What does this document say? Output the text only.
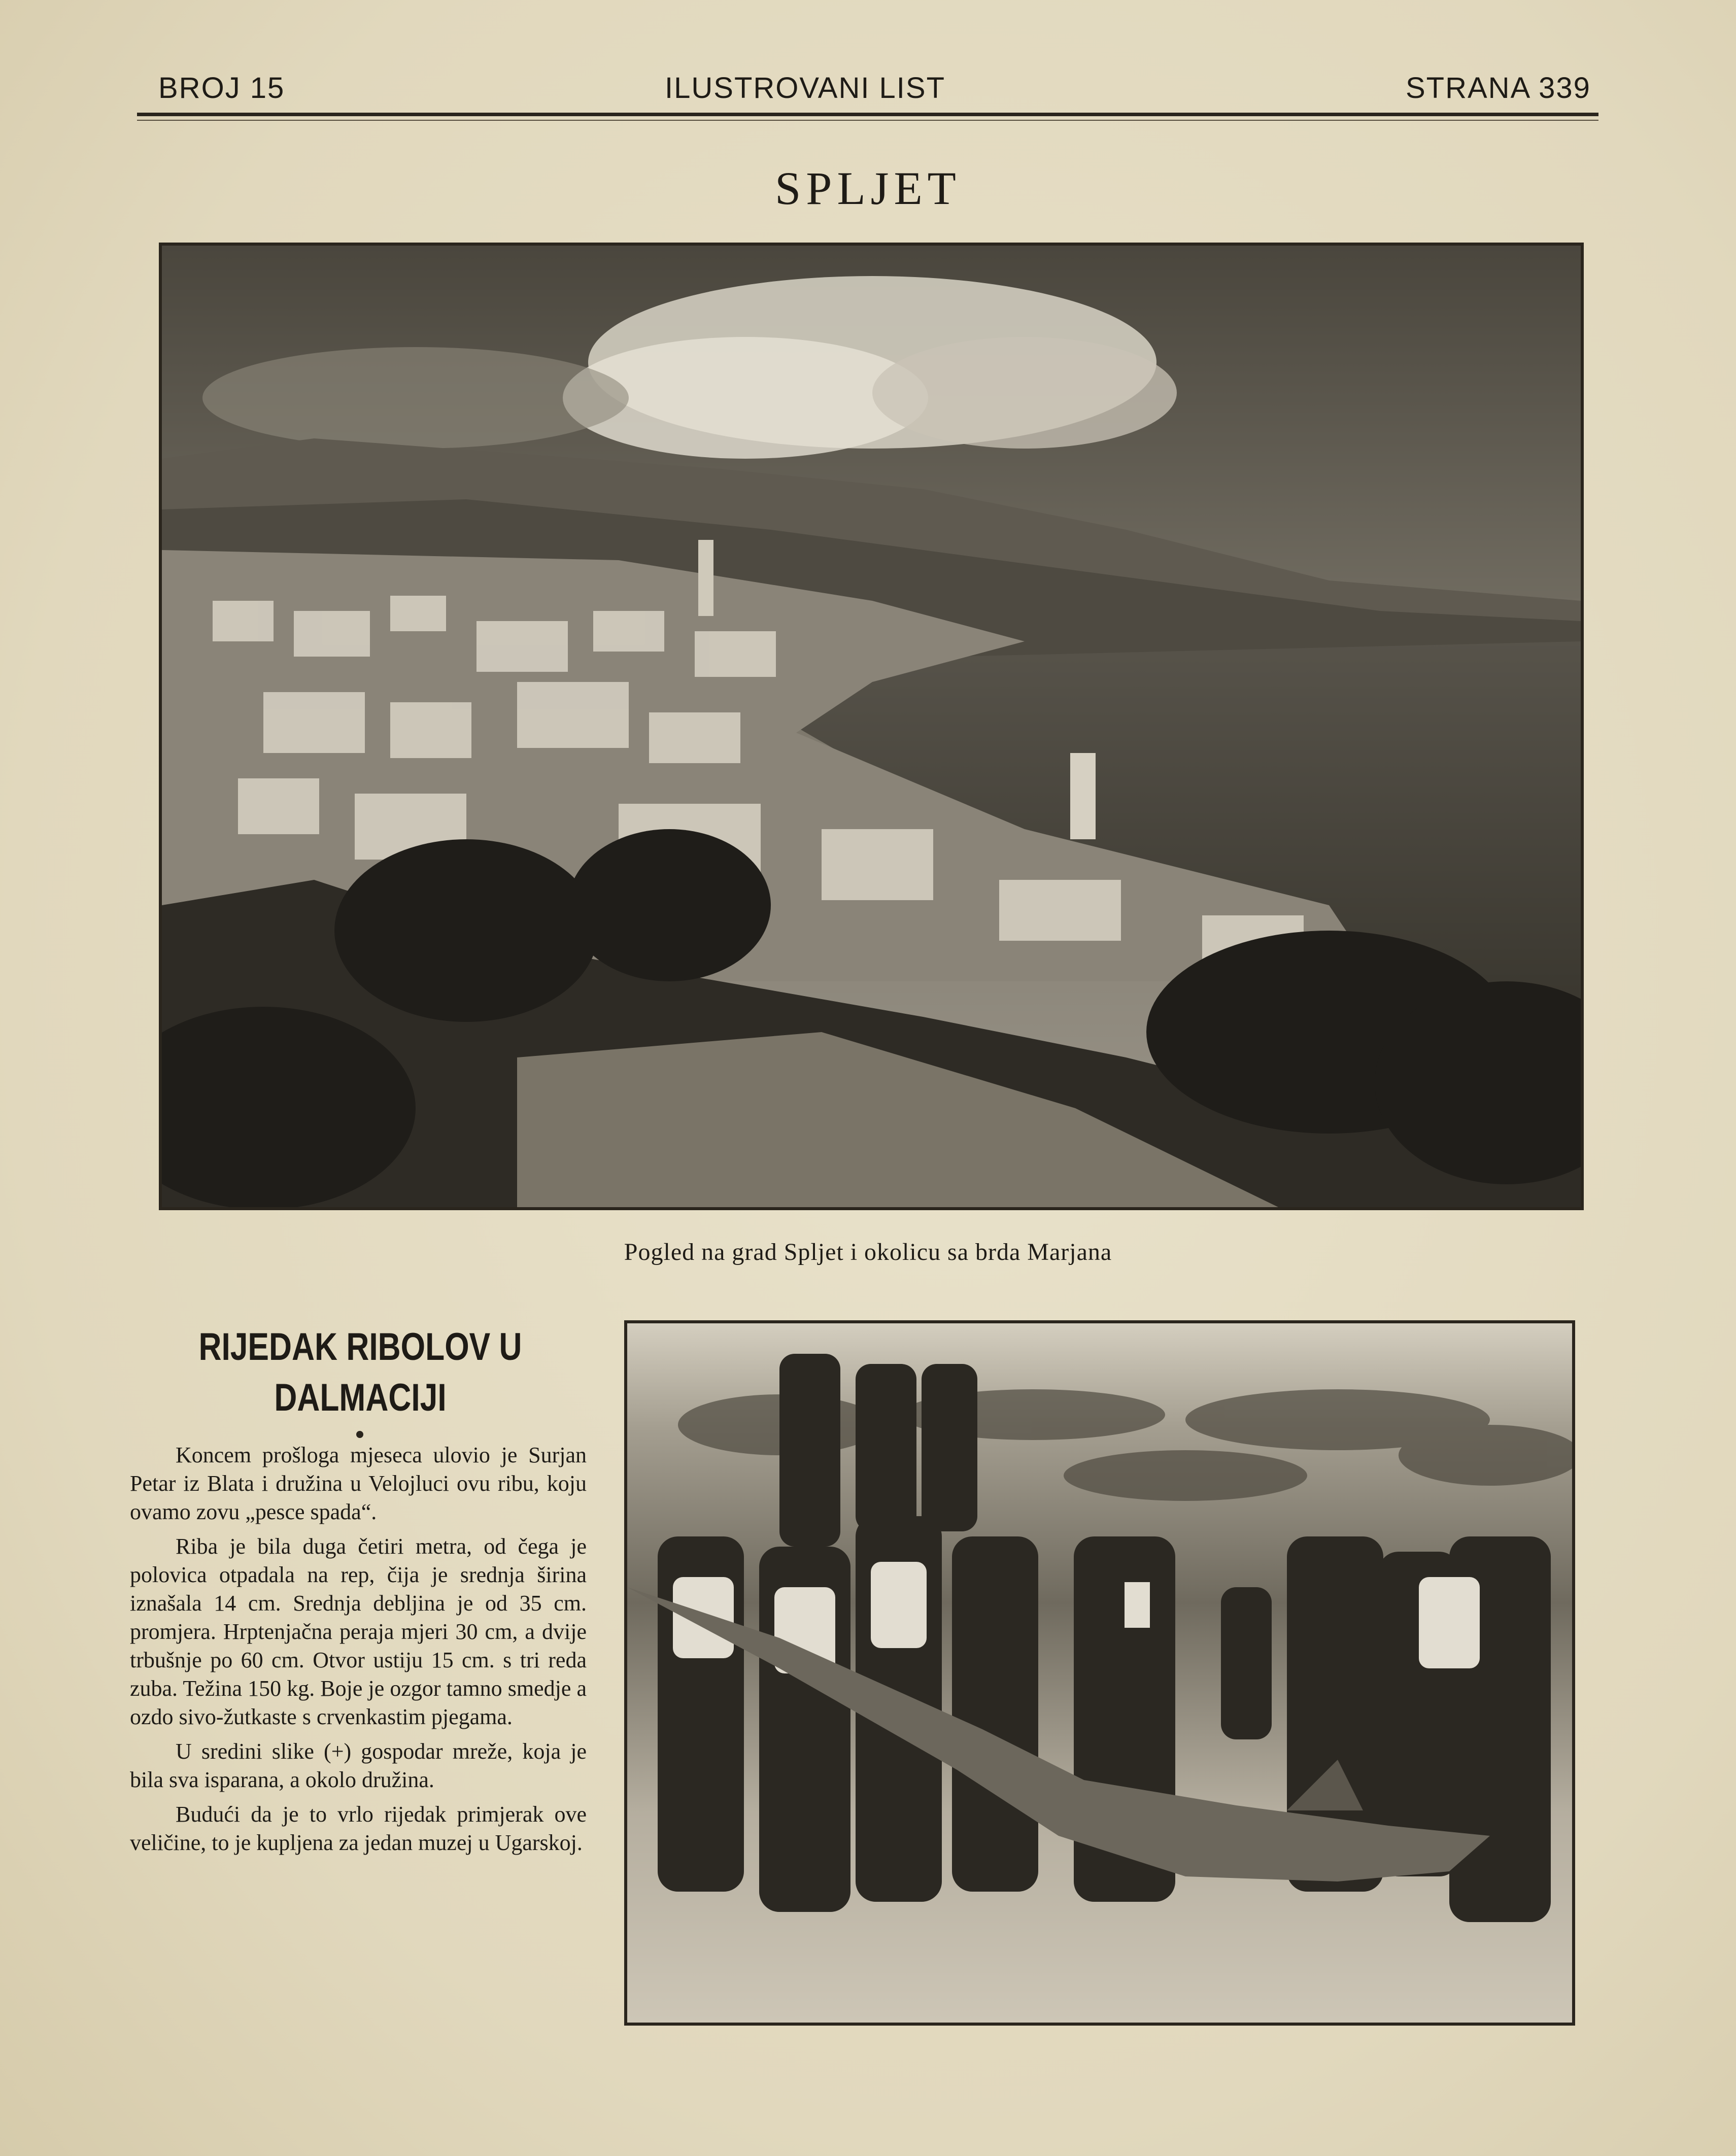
BROJ 15	ILUSTROVANI LIST	STRANA 339
SPLJET
Pogled na grad Spljet i okolicu sa brda Marjana
RIJEDAK RIBOLOV U DALMACIJI

Koncem prošloga mjeseca ulovio je Surjan Petar iz Blata i družina u Velojluci ovu ribu, koju ovamo zovu „pesce spada“.

Riba je bila duga četiri metra, od čega je polovica otpadala na rep, čija je srednja širina iznašala 14 cm. Srednja debljina je od 35 cm. promjera. Hrptenjačna peraja mjeri 30 cm, a dvije trbušnje po 60 cm. Otvor ustiju 15 cm. s tri reda zuba. Težina 150 kg. Boje je ozgor tamno smedje a ozdo sivo-žutkaste s crvenkastim pjegama.

U sredini slike (+) gospodar mreže, koja je bila sva isparana, a okolo družina.

Budući da je to vrlo rijedak primjerak ove veličine, to je kupljena za jedan muzej u Ugarskoj.
